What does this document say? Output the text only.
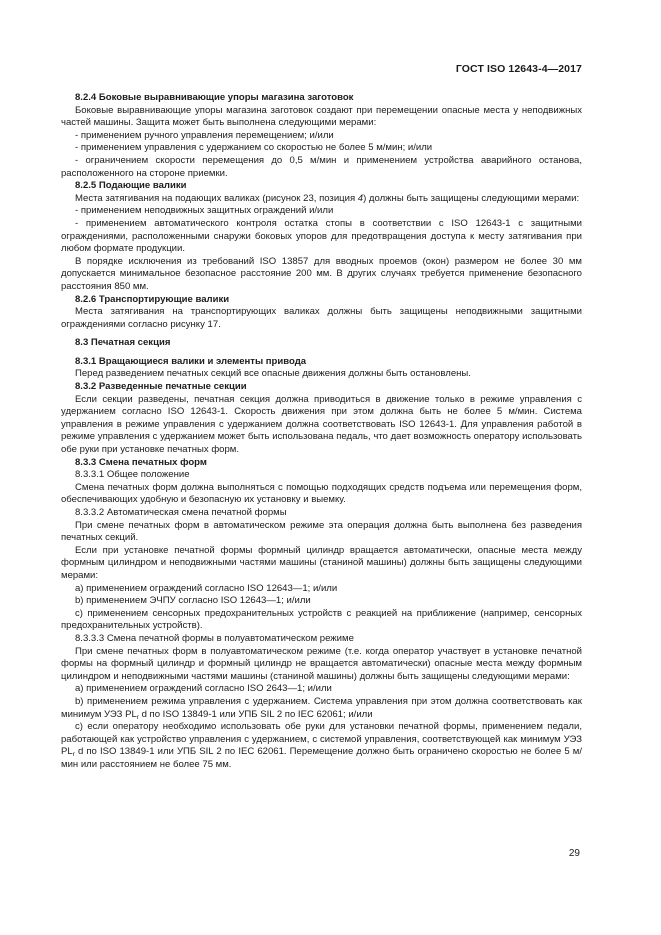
ГОСТ ISO 12643-4—2017

8.2.4 Боковые выравнивающие упоры магазина заготовок

Боковые выравнивающие упоры магазина заготовок создают при перемещении опасные места у неподвижных частей машины. Защита может быть выполнена следующими мерами:

- применением ручного управления перемещением; и/или

- применением управления с удержанием со скоростью не более 5 м/мин; и/или

- ограничением скорости перемещения до 0,5 м/мин и применением устройства аварийного останова, расположенного на стороне приемки.

8.2.5 Подающие валики

Места затягивания на подающих валиках (рисунок 23, позиция 4) должны быть защищены следующими мерами:

- применением неподвижных защитных ограждений и/или

- применением автоматического контроля остатка стопы в соответствии с ISO 12643-1 с защитными ограждениями, расположенными снаружи боковых упоров для предотвращения доступа к месту затягивания при любом формате продукции.

В порядке исключения из требований ISO 13857 для вводных проемов (окон) размером не более 30 мм допускается минимальное безопасное расстояние 200 мм. В других случаях требуется применение безопасного расстояния 850 мм.

8.2.6 Транспортирующие валики

Места затягивания на транспортирующих валиках должны быть защищены неподвижными защитными ограждениями согласно рисунку 17.

8.3 Печатная секция

8.3.1 Вращающиеся валики и элементы привода

Перед разведением печатных секций все опасные движения должны быть остановлены.

8.3.2 Разведенные печатные секции

Если секции разведены, печатная секция должна приводиться в движение только в режиме управления с удержанием согласно ISO 12643-1. Скорость движения при этом должна быть не более 5 м/мин. Система управления в режиме управления с удержанием должна соответствовать ISO 12643-1. Для управления работой в режиме управления с удержанием может быть использована педаль, что дает возможность оператору использовать обе руки при установке печатных форм.

8.3.3 Смена печатных форм

8.3.3.1 Общее положение

Смена печатных форм должна выполняться с помощью подходящих средств подъема или перемещения форм, обеспечивающих удобную и безопасную их установку и выемку.

8.3.3.2 Автоматическая смена печатной формы

При смене печатных форм в автоматическом режиме эта операция должна быть выполнена без разведения печатных секций.

Если при установке печатной формы формный цилиндр вращается автоматически, опасные места между формным цилиндром и неподвижными частями машины (станиной машины) должны быть защищены следующими мерами:

a) применением ограждений согласно ISO 12643—1; и/или

b) применением ЭЧПУ согласно ISO 12643—1; и/или

c) применением сенсорных предохранительных устройств с реакцией на приближение (например, сенсорных предохранительных устройств).

8.3.3.3 Смена печатной формы в полуавтоматическом режиме

При смене печатных форм в полуавтоматическом режиме (т.е. когда оператор участвует в установке печатной формы на формный цилиндр и формный цилиндр не вращается автоматически) опасные места между формным цилиндром и неподвижными частями машины (станиной машины) должны быть защищены следующими мерами:

a) применением ограждений согласно ISO 2643—1; и/или

b) применением режима управления с удержанием. Система управления при этом должна соответствовать как минимум УЭЗ $PL_r$ d по ISO 13849-1 или УПБ SIL 2 по IEC 62061; и/или

c) если оператору необходимо использовать обе руки для установки печатной формы, применением педали, работающей как устройство управления с удержанием, с системой управления, соответствующей как минимум УЭЗ $PL_r$ d по ISO 13849-1 или УПБ SIL 2 по IEC 62061. Перемещение должно быть ограничено скоростью не более 5 м/мин или расстоянием не более 75 мм.

29
